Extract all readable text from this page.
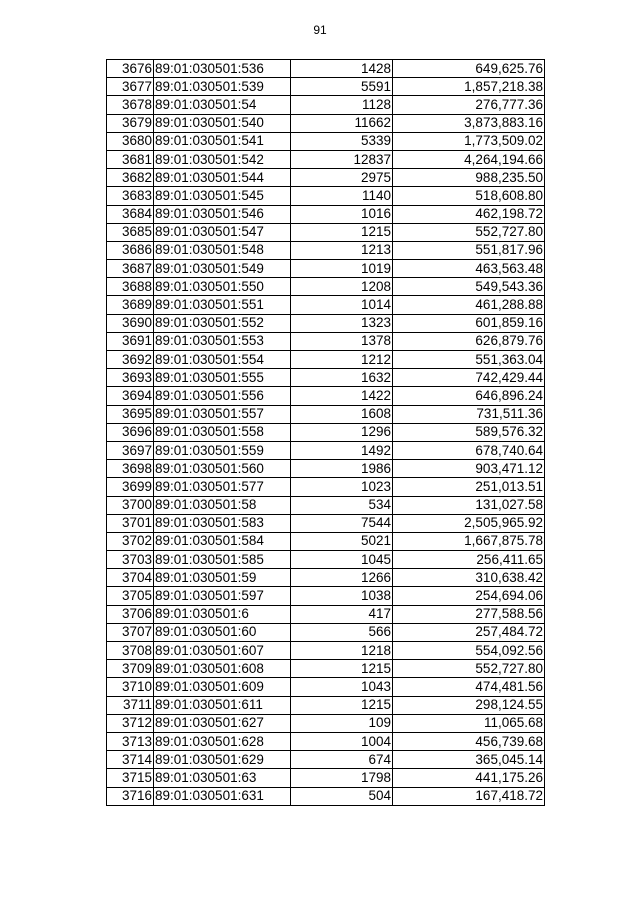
91
3676	89:01:030501:536	1428	649,625.76
3677	89:01:030501:539	5591	1,857,218.38
3678	89:01:030501:54	1128	276,777.36
3679	89:01:030501:540	11662	3,873,883.16
3680	89:01:030501:541	5339	1,773,509.02
3681	89:01:030501:542	12837	4,264,194.66
3682	89:01:030501:544	2975	988,235.50
3683	89:01:030501:545	1140	518,608.80
3684	89:01:030501:546	1016	462,198.72
3685	89:01:030501:547	1215	552,727.80
3686	89:01:030501:548	1213	551,817.96
3687	89:01:030501:549	1019	463,563.48
3688	89:01:030501:550	1208	549,543.36
3689	89:01:030501:551	1014	461,288.88
3690	89:01:030501:552	1323	601,859.16
3691	89:01:030501:553	1378	626,879.76
3692	89:01:030501:554	1212	551,363.04
3693	89:01:030501:555	1632	742,429.44
3694	89:01:030501:556	1422	646,896.24
3695	89:01:030501:557	1608	731,511.36
3696	89:01:030501:558	1296	589,576.32
3697	89:01:030501:559	1492	678,740.64
3698	89:01:030501:560	1986	903,471.12
3699	89:01:030501:577	1023	251,013.51
3700	89:01:030501:58	534	131,027.58
3701	89:01:030501:583	7544	2,505,965.92
3702	89:01:030501:584	5021	1,667,875.78
3703	89:01:030501:585	1045	256,411.65
3704	89:01:030501:59	1266	310,638.42
3705	89:01:030501:597	1038	254,694.06
3706	89:01:030501:6	417	277,588.56
3707	89:01:030501:60	566	257,484.72
3708	89:01:030501:607	1218	554,092.56
3709	89:01:030501:608	1215	552,727.80
3710	89:01:030501:609	1043	474,481.56
3711	89:01:030501:611	1215	298,124.55
3712	89:01:030501:627	109	11,065.68
3713	89:01:030501:628	1004	456,739.68
3714	89:01:030501:629	674	365,045.14
3715	89:01:030501:63	1798	441,175.26
3716	89:01:030501:631	504	167,418.72
